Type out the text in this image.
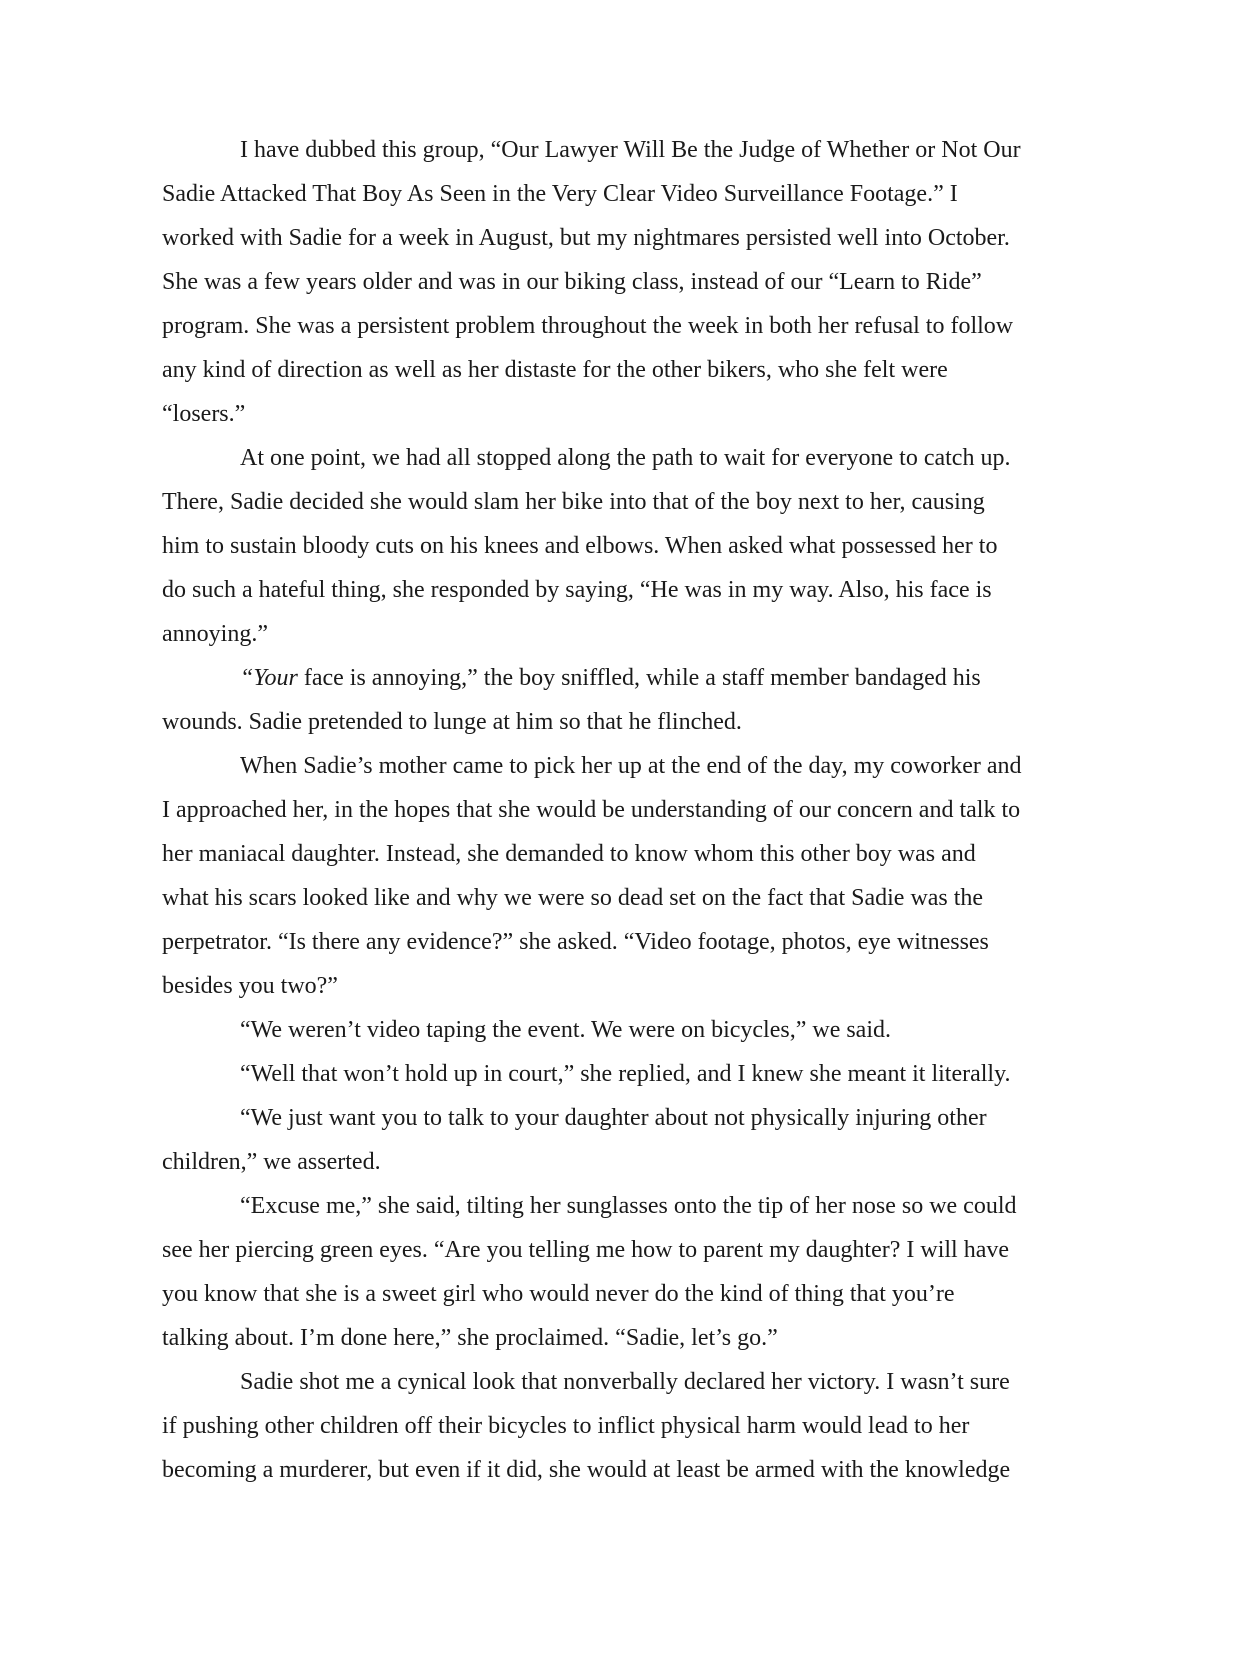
I have dubbed this group, “Our Lawyer Will Be the Judge of Whether or Not Our
Sadie Attacked That Boy As Seen in the Very Clear Video Surveillance Footage.” I
worked with Sadie for a week in August, but my nightmares persisted well into October.
She was a few years older and was in our biking class, instead of our “Learn to Ride”
program. She was a persistent problem throughout the week in both her refusal to follow
any kind of direction as well as her distaste for the other bikers, who she felt were
“losers.”
At one point, we had all stopped along the path to wait for everyone to catch up.
There, Sadie decided she would slam her bike into that of the boy next to her, causing
him to sustain bloody cuts on his knees and elbows. When asked what possessed her to
do such a hateful thing, she responded by saying, “He was in my way. Also, his face is
annoying.”
“Your face is annoying,” the boy sniffled, while a staff member bandaged his
wounds. Sadie pretended to lunge at him so that he flinched.
When Sadie’s mother came to pick her up at the end of the day, my coworker and
I approached her, in the hopes that she would be understanding of our concern and talk to
her maniacal daughter. Instead, she demanded to know whom this other boy was and
what his scars looked like and why we were so dead set on the fact that Sadie was the
perpetrator. “Is there any evidence?” she asked. “Video footage, photos, eye witnesses
besides you two?”
“We weren’t video taping the event. We were on bicycles,” we said.
“Well that won’t hold up in court,” she replied, and I knew she meant it literally.
“We just want you to talk to your daughter about not physically injuring other
children,” we asserted.
“Excuse me,” she said, tilting her sunglasses onto the tip of her nose so we could
see her piercing green eyes. “Are you telling me how to parent my daughter? I will have
you know that she is a sweet girl who would never do the kind of thing that you’re
talking about. I’m done here,” she proclaimed. “Sadie, let’s go.”
Sadie shot me a cynical look that nonverbally declared her victory. I wasn’t sure
if pushing other children off their bicycles to inflict physical harm would lead to her
becoming a murderer, but even if it did, she would at least be armed with the knowledge
